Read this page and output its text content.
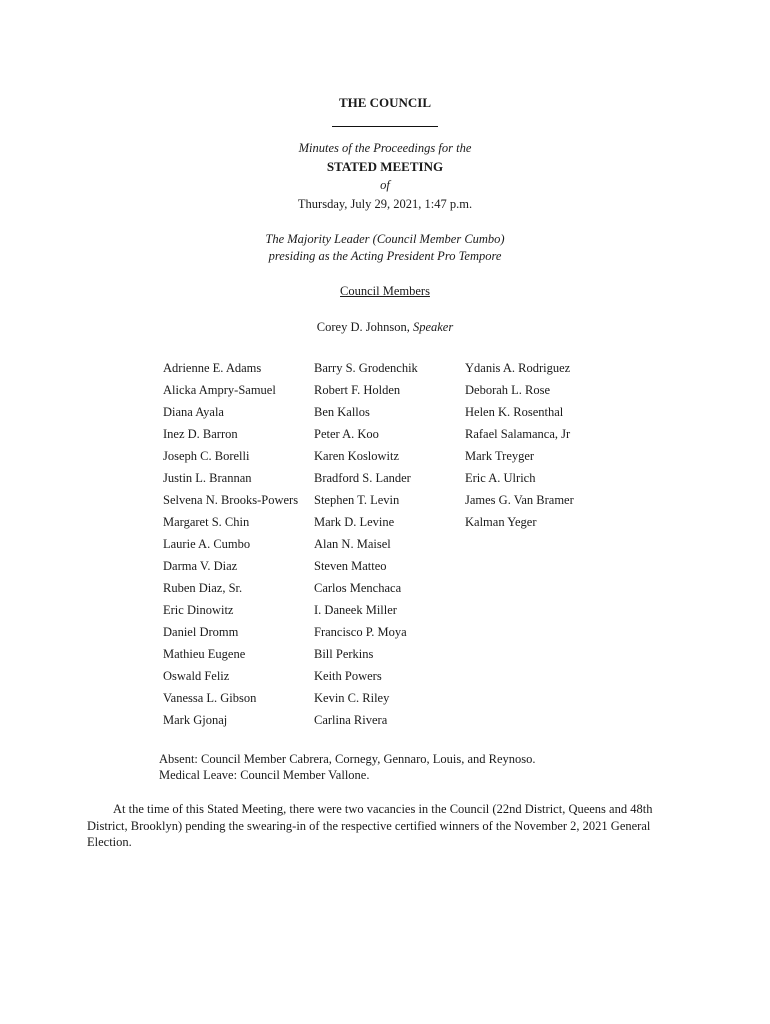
THE COUNCIL
Minutes of the Proceedings for the
STATED MEETING
of
Thursday, July 29, 2021, 1:47 p.m.
The Majority Leader (Council Member Cumbo)
presiding as the Acting President Pro Tempore
Council Members
Corey D. Johnson, Speaker
Adrienne E. Adams
Alicka Ampry-Samuel
Diana Ayala
Inez D. Barron
Joseph C. Borelli
Justin L. Brannan
Selvena N. Brooks-Powers
Margaret S. Chin
Laurie A. Cumbo
Darma V. Diaz
Ruben Diaz, Sr.
Eric Dinowitz
Daniel Dromm
Mathieu Eugene
Oswald Feliz
Vanessa L. Gibson
Mark Gjonaj
Barry S. Grodenchik
Robert F. Holden
Ben Kallos
Peter A. Koo
Karen Koslowitz
Bradford S. Lander
Stephen T. Levin
Mark D. Levine
Alan N. Maisel
Steven Matteo
Carlos Menchaca
I. Daneek Miller
Francisco P. Moya
Bill Perkins
Keith Powers
Kevin C. Riley
Carlina Rivera
Ydanis A. Rodriguez
Deborah L. Rose
Helen K. Rosenthal
Rafael Salamanca, Jr
Mark Treyger
Eric A. Ulrich
James G. Van Bramer
Kalman Yeger
Absent: Council Member Cabrera, Cornegy, Gennaro, Louis, and Reynoso.
Medical Leave: Council Member Vallone.
At the time of this Stated Meeting, there were two vacancies in the Council (22nd District, Queens and 48th District, Brooklyn) pending the swearing-in of the respective certified winners of the November 2, 2021 General Election.
